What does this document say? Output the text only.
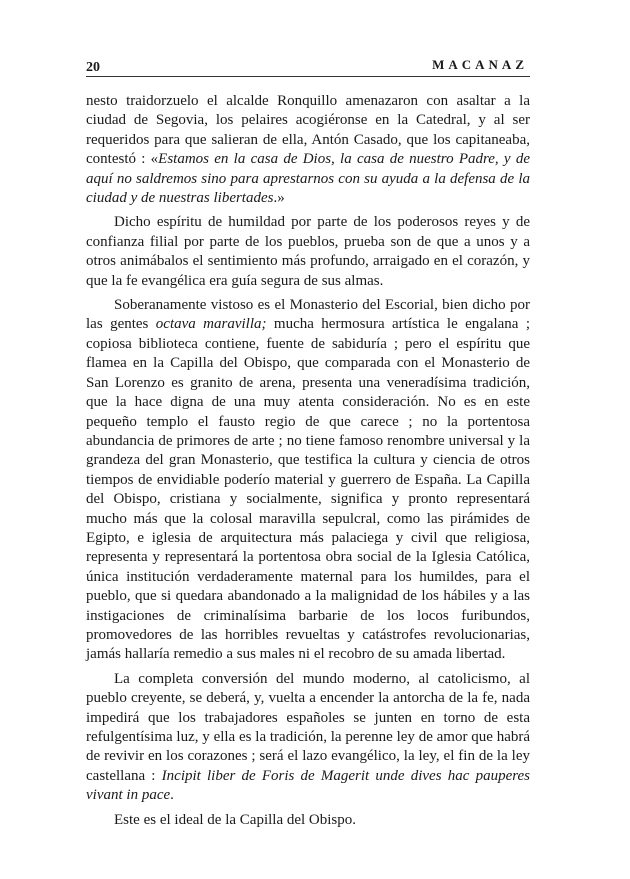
20	MACANAZ

nesto traidorzuelo el alcalde Ronquillo amenazaron con asaltar a la ciudad de Segovia, los pelaires acogiéronse en la Catedral, y al ser requeridos para que salieran de ella, Antón Casado, que los capitaneaba, contestó : «Estamos en la casa de Dios, la casa de nuestro Padre, y de aquí no saldremos sino para aprestarnos con su ayuda a la defensa de la ciudad y de nuestras libertades.»

Dicho espíritu de humildad por parte de los poderosos reyes y de confianza filial por parte de los pueblos, prueba son de que a unos y a otros animábalos el sentimiento más profundo, arraigado en el corazón, y que la fe evangélica era guía segura de sus almas.

Soberanamente vistoso es el Monasterio del Escorial, bien dicho por las gentes octava maravilla; mucha hermosura artística le engalana ; copiosa biblioteca contiene, fuente de sabiduría ; pero el espíritu que flamea en la Capilla del Obispo, que comparada con el Monasterio de San Lorenzo es granito de arena, presenta una veneradísima tradición, que la hace digna de una muy atenta consideración. No es en este pequeño templo el fausto regio de que carece ; no la portentosa abundancia de primores de arte ; no tiene famoso renombre universal y la grandeza del gran Monasterio, que testifica la cultura y ciencia de otros tiempos de envidiable poderío material y guerrero de España. La Capilla del Obispo, cristiana y socialmente, significa y pronto representará mucho más que la colosal maravilla sepulcral, como las pirámides de Egipto, e iglesia de arquitectura más palaciega y civil que religiosa, representa y representará la portentosa obra social de la Iglesia Católica, única institución verdaderamente maternal para los humildes, para el pueblo, que si quedara abandonado a la malignidad de los hábiles y a las instigaciones de criminalísima barbarie de los locos furibundos, promovedores de las horribles revueltas y catástrofes revolucionarias, jamás hallaría remedio a sus males ni el recobro de su amada libertad.

La completa conversión del mundo moderno, al catolicismo, al pueblo creyente, se deberá, y, vuelta a encender la antorcha de la fe, nada impedirá que los trabajadores españoles se junten en torno de esta refulgentísima luz, y ella es la tradición, la perenne ley de amor que habrá de revivir en los corazones ; será el lazo evangélico, la ley, el fin de la ley castellana : Incipit liber de Foris de Magerit unde dives hac pauperes vivant in pace.

Este es el ideal de la Capilla del Obispo.
